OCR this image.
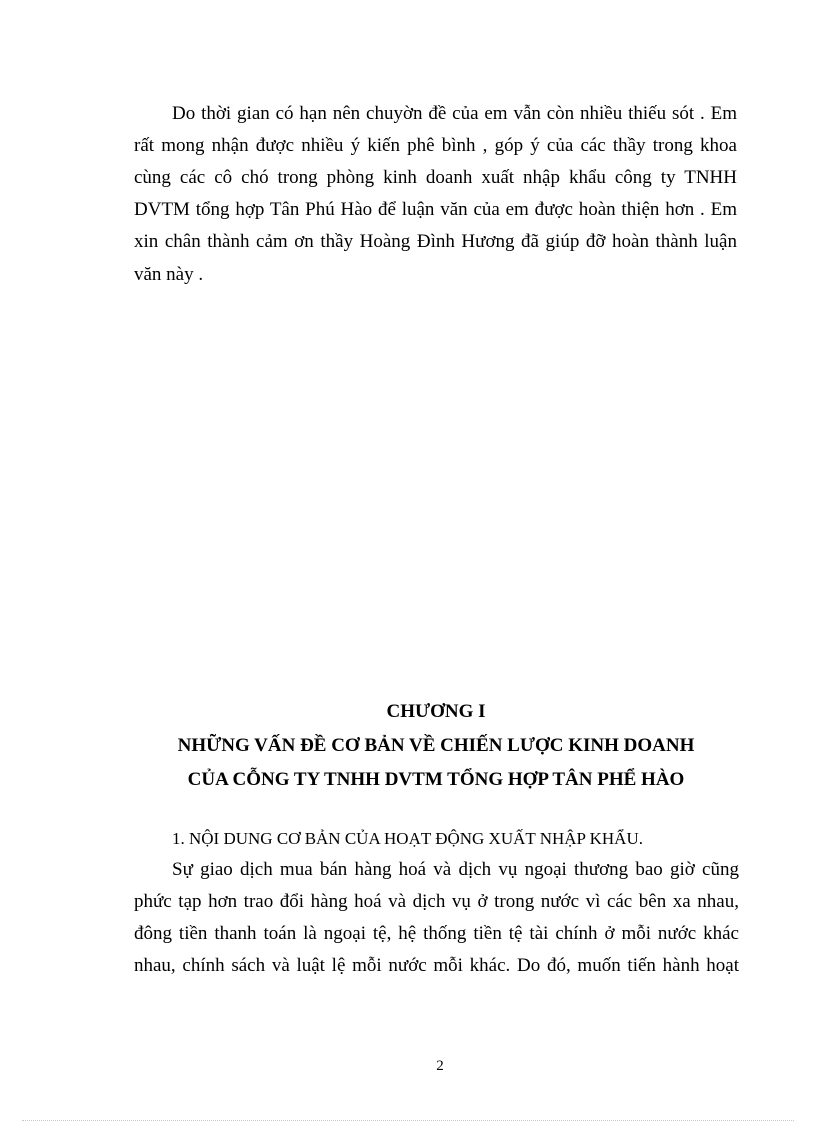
Do thời gian có hạn nên chuyờn đề của em vẫn còn nhiều thiếu sót . Em
rất mong nhận được nhiều ý kiến phê bình , góp ý của các thầy trong khoa
cùng các cô chó trong phòng kinh doanh xuất nhập khẩu công ty TNHH
DVTM tổng hợp Tân Phú Hào để luận văn của em được hoàn thiện hơn . Em
xin chân thành cảm ơn thầy Hoàng Đình Hương đã giúp đỡ hoàn thành luận
văn này .
CHƯƠNG I
NHỮNG VẤN ĐỀ CƠ BẢN VỀ CHIẾN LƯỢC KINH DOANH
CỦA CỖNG TY TNHH DVTM TỔNG HỢP TÂN PHỂ HÀO
1. NỘI DUNG CƠ BẢN CỦA HOẠT ĐỘNG XUẤT NHẬP KHẨU.
Sự giao dịch mua bán hàng hoá và dịch vụ ngoại thương bao giờ cũng
phức tạp hơn trao đổi hàng hoá và dịch vụ ở trong nước vì các bên xa nhau,
đông tiền thanh toán là ngoại tệ, hệ thống tiền tệ tài chính ở mỗi nước khác
nhau, chính sách và luật lệ mỗi nước mỗi khác. Do đó, muốn tiến hành hoạt
2
